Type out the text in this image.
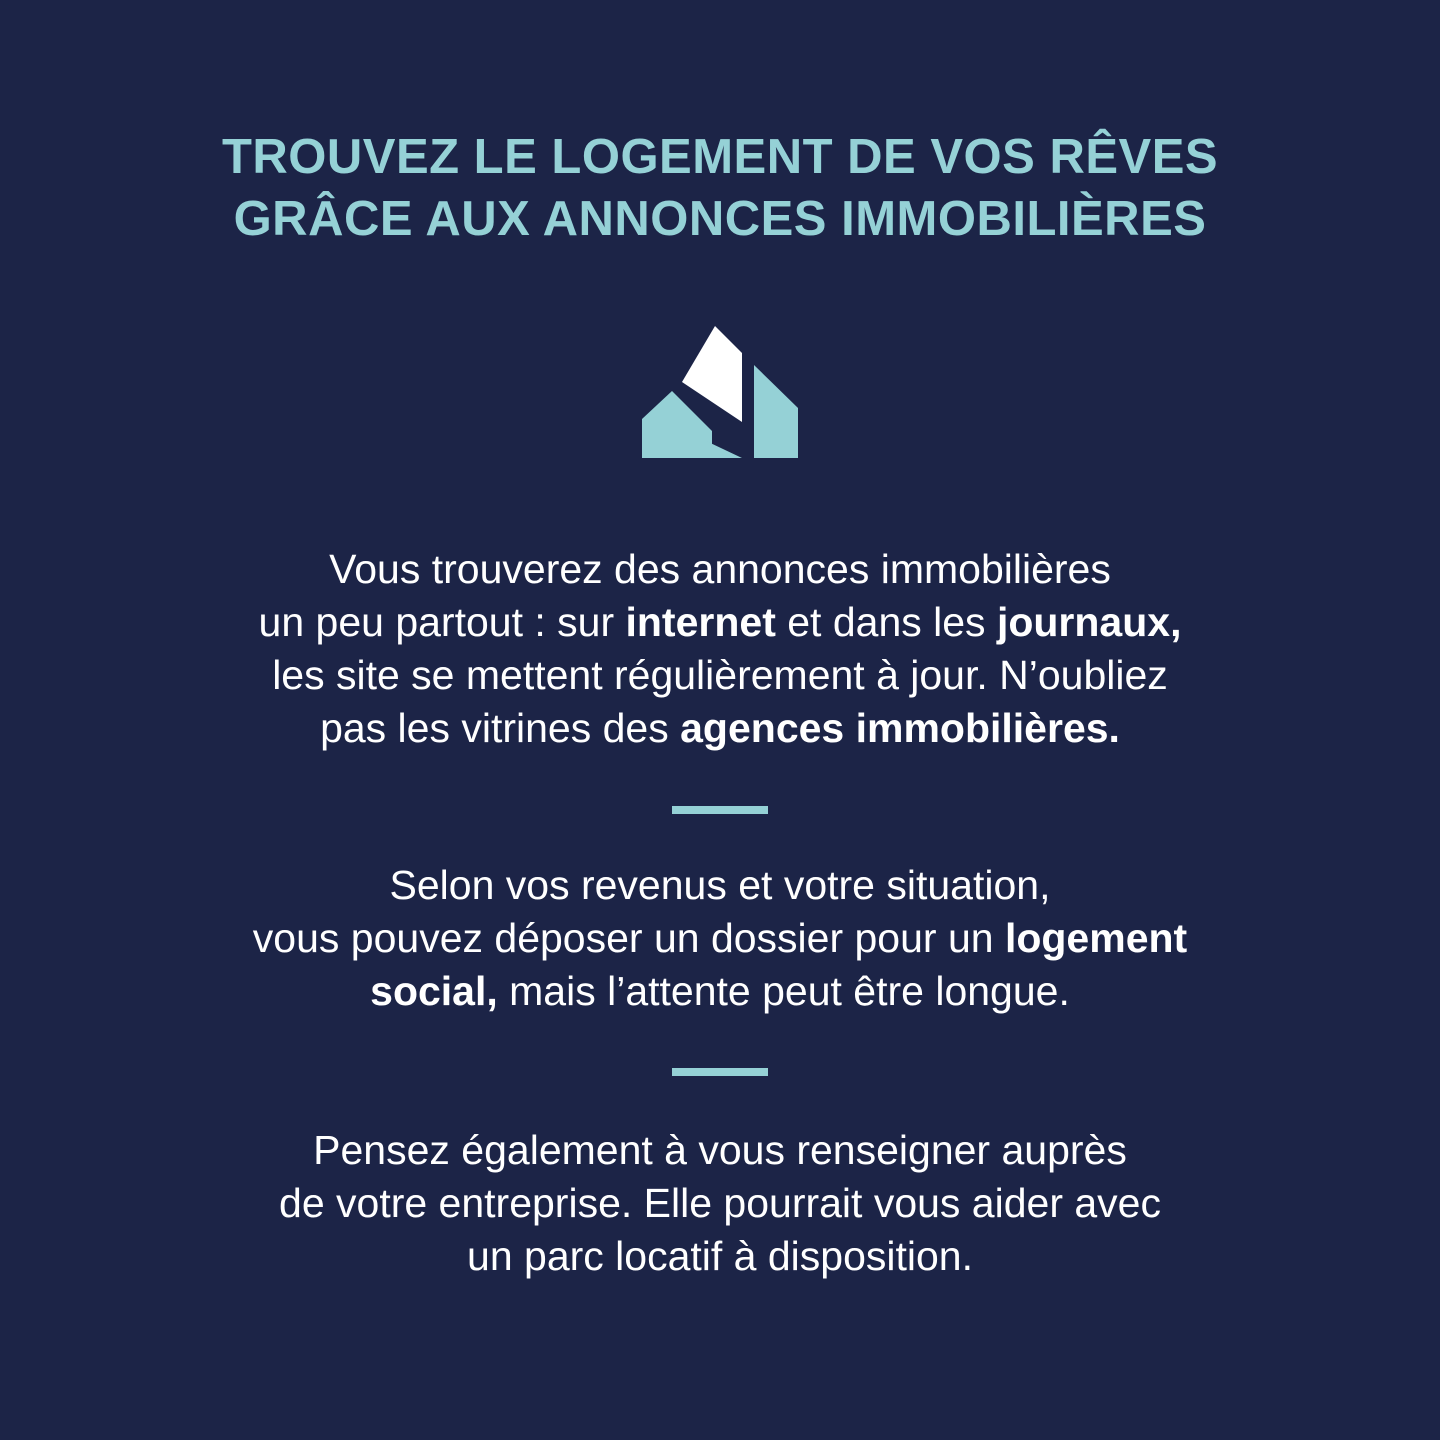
TROUVEZ LE LOGEMENT DE VOS RÊVES
GRÂCE AUX ANNONCES IMMOBILIÈRES
Vous trouverez des annonces immobilières
un peu partout : sur internet et dans les journaux,
les site se mettent régulièrement à jour. N’oubliez
pas les vitrines des agences immobilières.
Selon vos revenus et votre situation,
vous pouvez déposer un dossier pour un logement
social, mais l’attente peut être longue.
Pensez également à vous renseigner auprès
de votre entreprise. Elle pourrait vous aider avec
un parc locatif à disposition.
